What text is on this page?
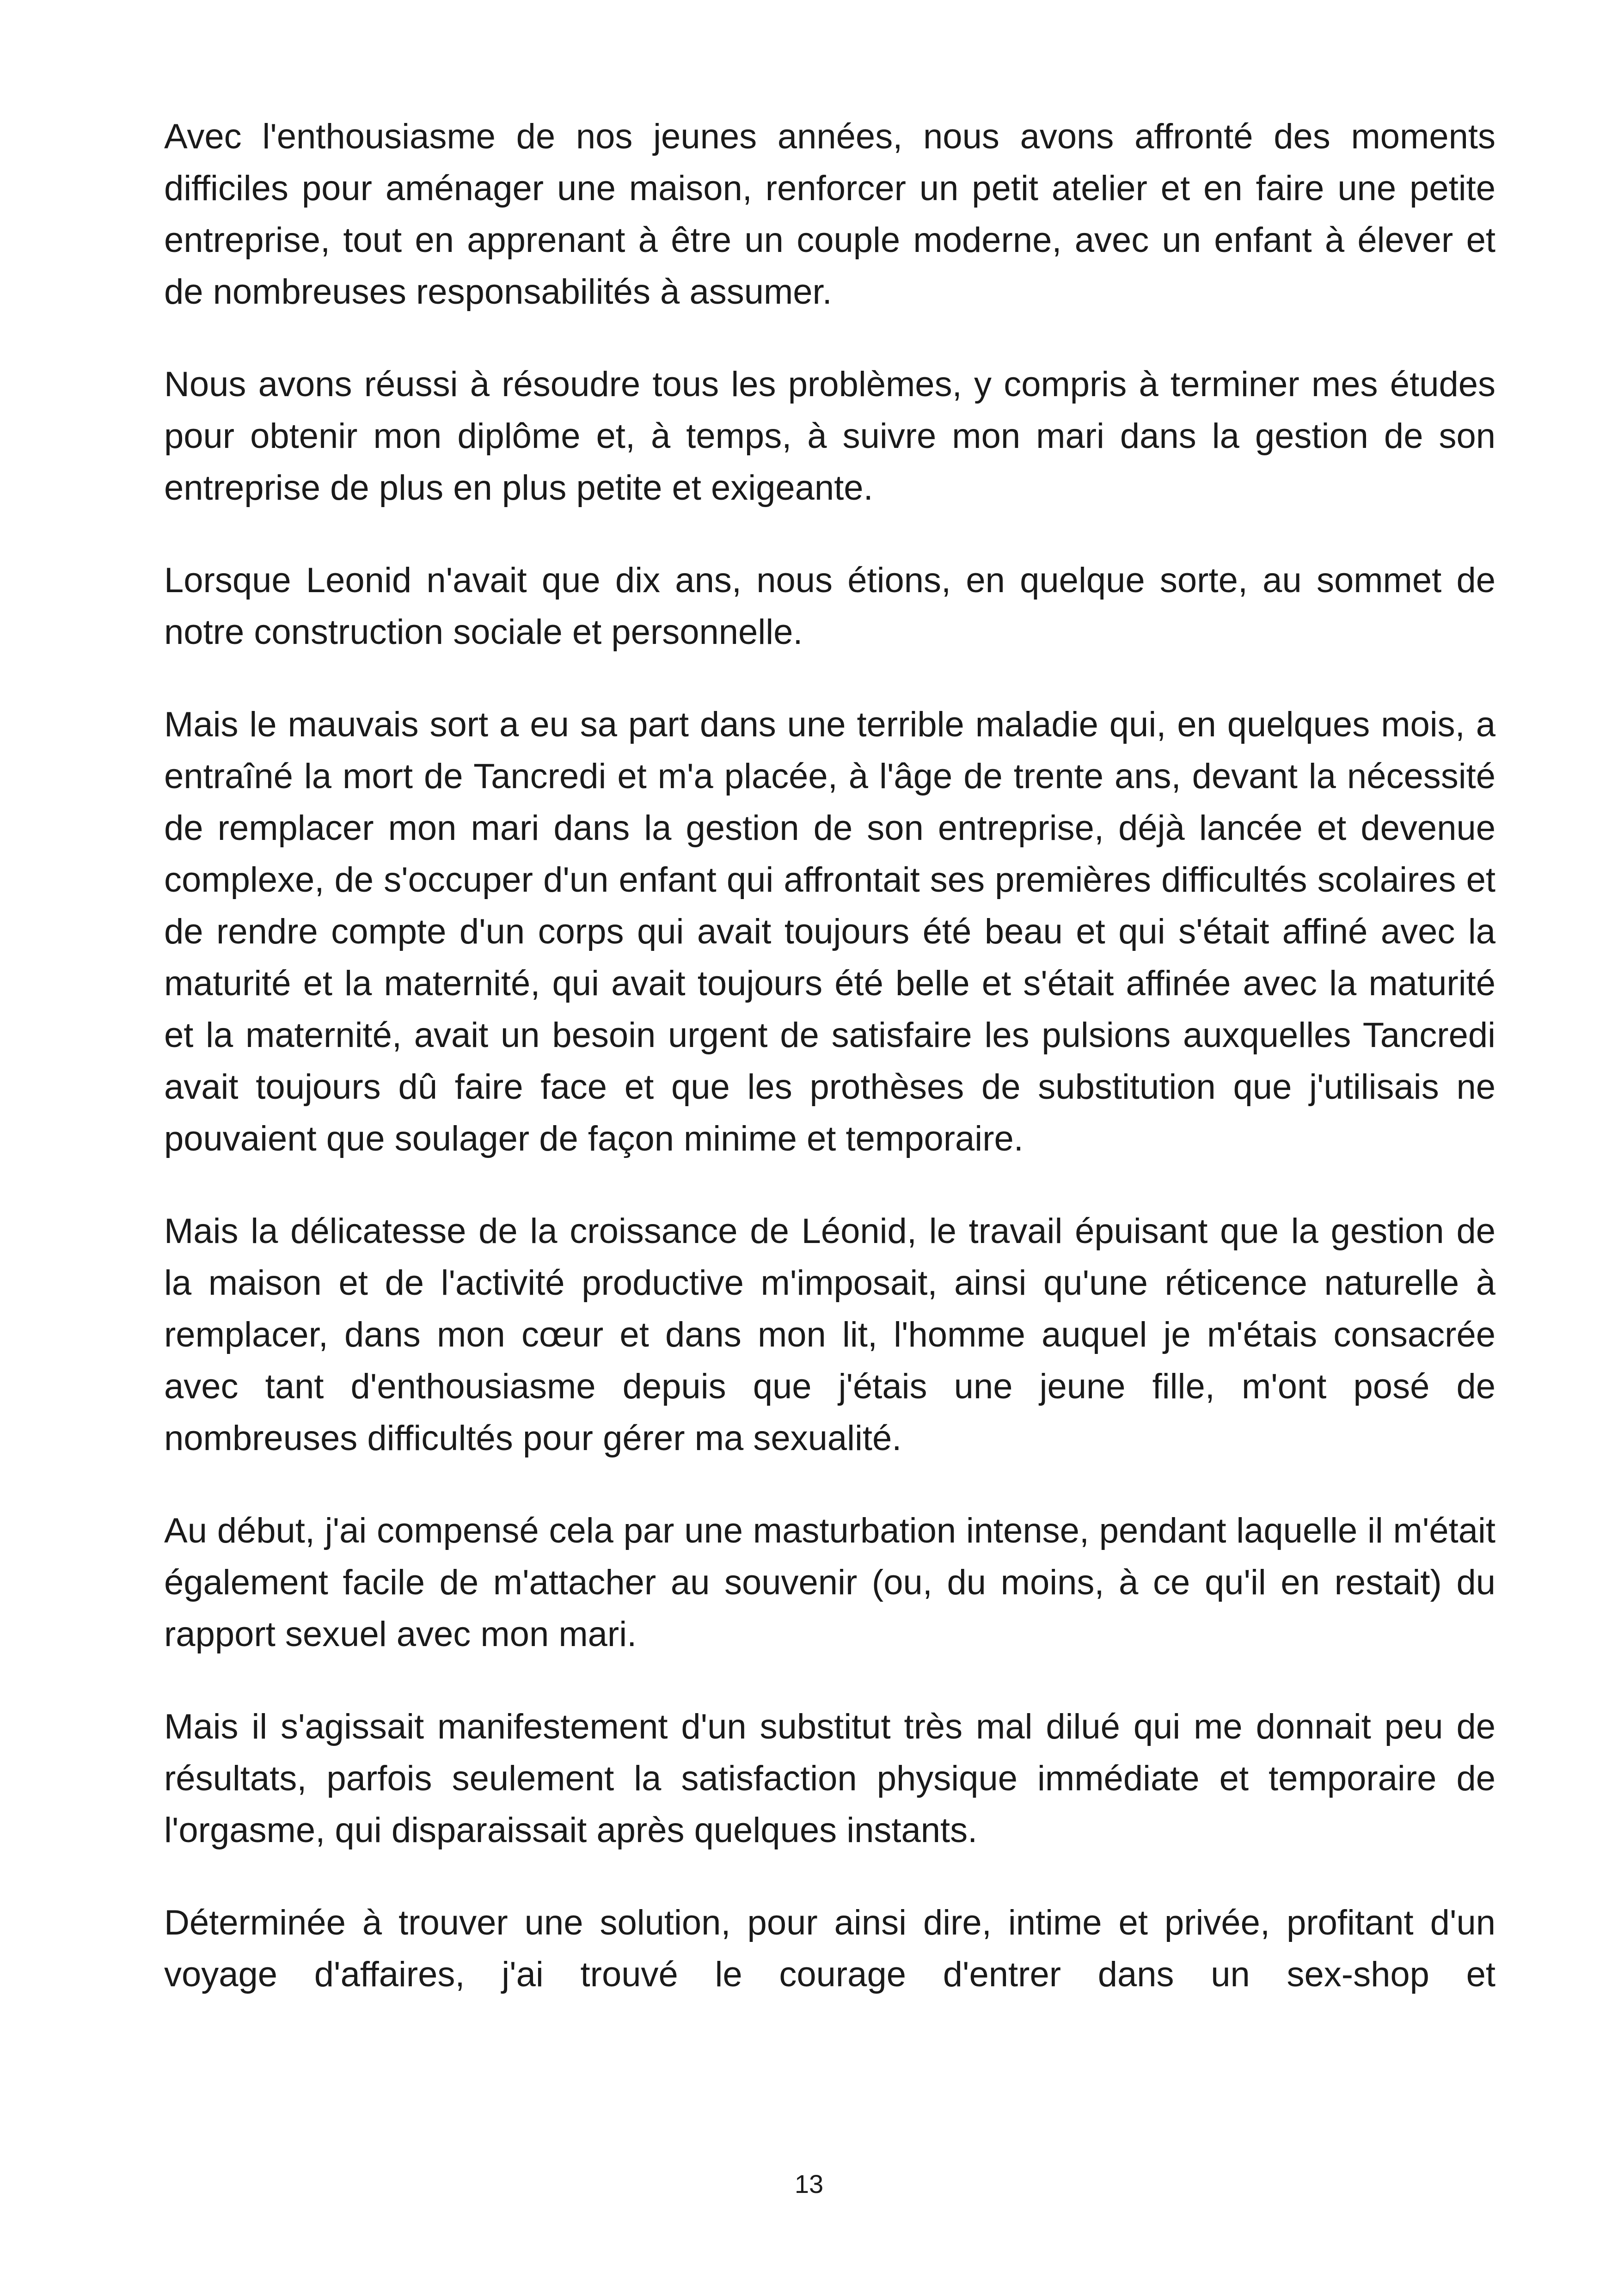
Avec l'enthousiasme de nos jeunes années, nous avons affronté des moments difficiles pour aménager une maison, renforcer un petit atelier et en faire une petite entreprise, tout en apprenant à être un couple moderne, avec un enfant à élever et de nombreuses responsabilités à assumer.

Nous avons réussi à résoudre tous les problèmes, y compris à terminer mes études pour obtenir mon diplôme et, à temps, à suivre mon mari dans la gestion de son entreprise de plus en plus petite et exigeante.

Lorsque Leonid n'avait que dix ans, nous étions, en quelque sorte, au sommet de notre construction sociale et personnelle.

Mais le mauvais sort a eu sa part dans une terrible maladie qui, en quelques mois, a entraîné la mort de Tancredi et m'a placée, à l'âge de trente ans, devant la nécessité de remplacer mon mari dans la gestion de son entreprise, déjà lancée et devenue complexe, de s'occuper d'un enfant qui affrontait ses premières difficultés scolaires et de rendre compte d'un corps qui avait toujours été beau et qui s'était affiné avec la maturité et la maternité, qui avait toujours été belle et s'était affinée avec la maturité et la maternité, avait un besoin urgent de satisfaire les pulsions auxquelles Tancredi avait toujours dû faire face et que les prothèses de substitution que j'utilisais ne pouvaient que soulager de façon minime et temporaire.

Mais la délicatesse de la croissance de Léonid, le travail épuisant que la gestion de la maison et de l'activité productive m'imposait, ainsi qu'une réticence naturelle à remplacer, dans mon cœur et dans mon lit, l'homme auquel je m'étais consacrée avec tant d'enthousiasme depuis que j'étais une jeune fille, m'ont posé de nombreuses difficultés pour gérer ma sexualité.

Au début, j'ai compensé cela par une masturbation intense, pendant laquelle il m'était également facile de m'attacher au souvenir (ou, du moins, à ce qu'il en restait) du rapport sexuel avec mon mari.

Mais il s'agissait manifestement d'un substitut très mal dilué qui me donnait peu de résultats, parfois seulement la satisfaction physique immédiate et temporaire de l'orgasme, qui disparaissait après quelques instants.

Déterminée à trouver une solution, pour ainsi dire, intime et privée, profitant d'un voyage d'affaires, j'ai trouvé le courage d'entrer dans un sex-shop et

13
